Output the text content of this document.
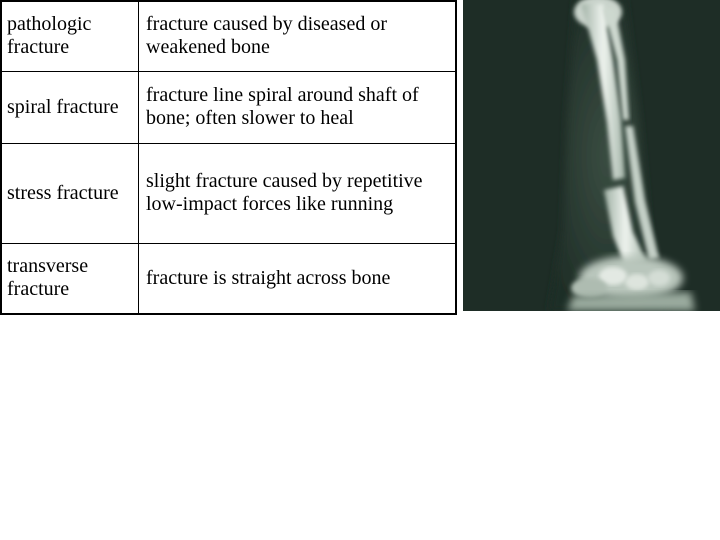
pathologic fracture	fracture caused by diseased or weakened bone
spiral fracture	fracture line spiral around shaft of bone; often slower to heal
stress fracture	slight fracture caused by repetitive low-impact forces like running
transverse fracture	fracture is straight across bone
